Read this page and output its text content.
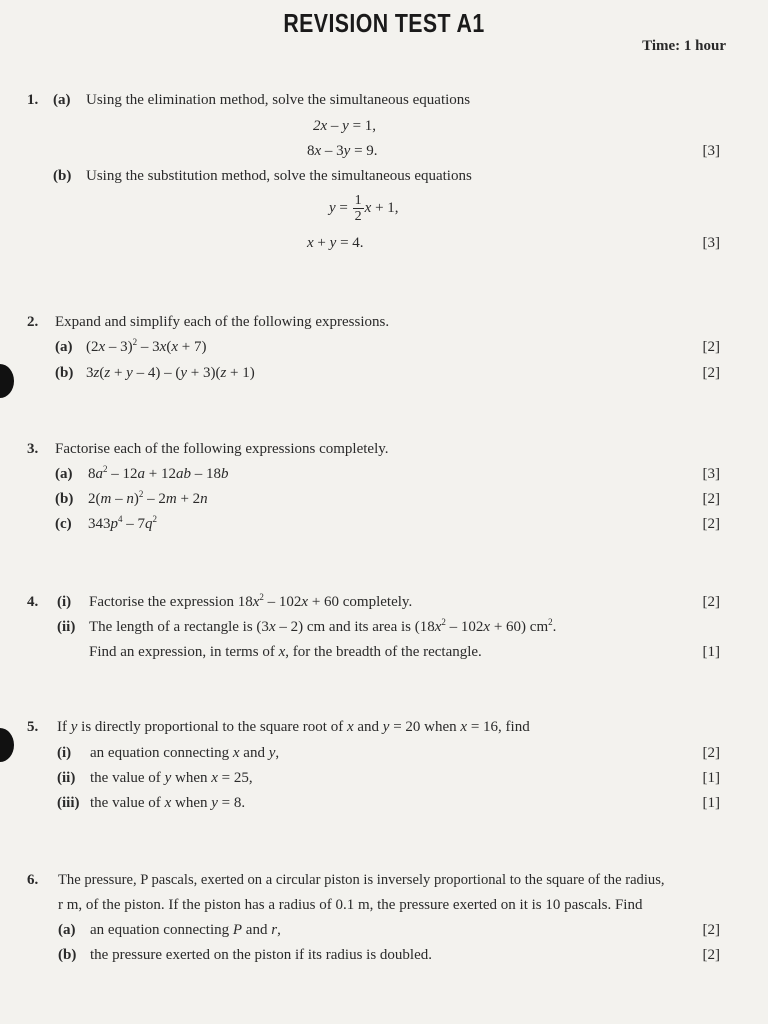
REVISION TEST A1
Time: 1 hour
1. (a) Using the elimination method, solve the simultaneous equations
2x – y = 1,
8x – 3y = 9.	[3]
(b) Using the substitution method, solve the simultaneous equations
$y = \frac{1}{2}$ x + 1,
x + y = 4.	[3]
2. Expand and simplify each of the following expressions.
(a) (2x – 3)$^2$ – 3x(x + 7)	[2]
(b) 3z(z + y – 4) – (y + 3)(z + 1)	[2]
3. Factorise each of the following expressions completely.
(a) $8a^2 - 12a + 12ab - 18b$	[3]
(b) 2(m – n)$^2$ – 2m + 2n	[2]
(c) $343p^4 - 7q^2$	[2]
4. (i) Factorise the expression $18x^2 - 102x + 60$ completely.	[2]
(ii) The length of a rectangle is (3x – 2) cm and its area is $(18x^2 - 102x + 60)$ $cm^2$.
Find an expression, in terms of x, for the breadth of the rectangle.	[1]
5. If y is directly proportional to the square root of x and y = 20 when x = 16, find
(i) an equation connecting x and y,	[2]
(ii) the value of y when x = 25,	[1]
(iii) the value of x when y = 8.	[1]
6. The pressure, P pascals, exerted on a circular piston is inversely proportional to the square of the radius,
r m, of the piston. If the piston has a radius of 0.1 m, the pressure exerted on it is 10 pascals. Find
(a) an equation connecting P and r,	[2]
(b) the pressure exerted on the piston if its radius is doubled.	[2]
